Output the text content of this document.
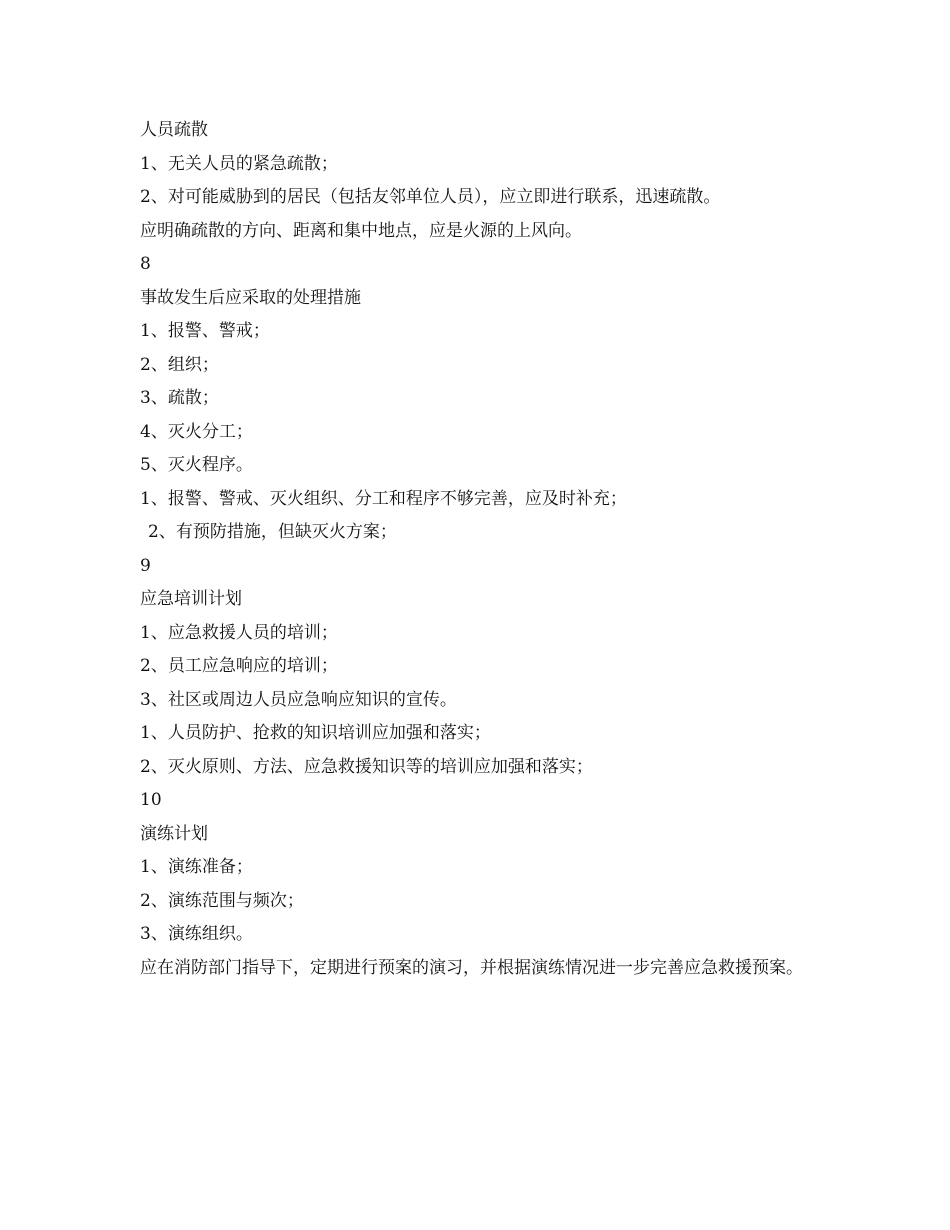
人员疏散

1、无关人员的紧急疏散；

2、对可能威胁到的居民（包括友邻单位人员），应立即进行联系，迅速疏散。

应明确疏散的方向、距离和集中地点，应是火源的上风向。

8

事故发生后应采取的处理措施

1、报警、警戒；

2、组织；

3、疏散；

4、灭火分工；

5、灭火程序。

1、报警、警戒、灭火组织、分工和程序不够完善，应及时补充；

2、有预防措施，但缺灭火方案；

9

应急培训计划

1、应急救援人员的培训；

2、员工应急响应的培训；

3、社区或周边人员应急响应知识的宣传。

1、人员防护、抢救的知识培训应加强和落实；

2、灭火原则、方法、应急救援知识等的培训应加强和落实；

10

演练计划

1、演练准备；

2、演练范围与频次；

3、演练组织。

应在消防部门指导下，定期进行预案的演习，并根据演练情况进一步完善应急救援预案。
